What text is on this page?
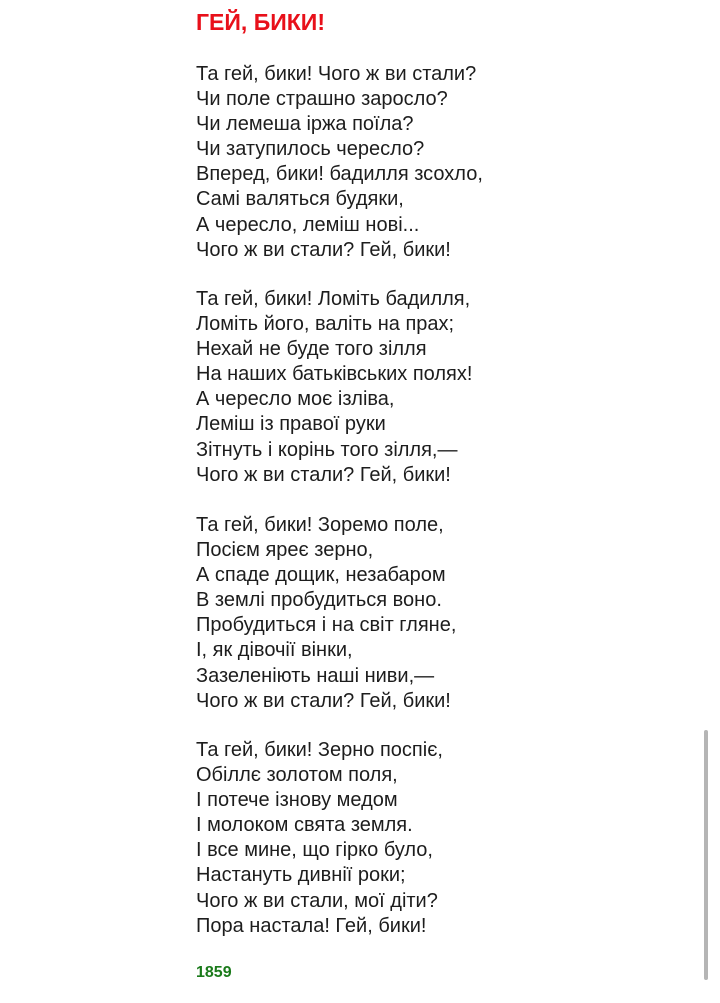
ГЕЙ, БИКИ!
Та гей, бики! Чого ж ви стали?
Чи поле страшно заросло?
Чи лемеша іржа поїла?
Чи затупилось чересло?
Вперед, бики! бадилля зсохло,
Самі валяться будяки,
А чересло, леміш нові...
Чого ж ви стали? Гей, бики!
Та гей, бики! Ломіть бадилля,
Ломіть його, валіть на прах;
Нехай не буде того зілля
На наших батьківських полях!
А чересло моє ізліва,
Леміш із правої руки
Зітнуть і корінь того зілля,—
Чого ж ви стали? Гей, бики!
Та гей, бики! Зоремо поле,
Посієм яреє зерно,
А спаде дощик, незабаром
В землі пробудиться воно.
Пробудиться і на світ гляне,
І, як дівочії вінки,
Зазеленіють наші ниви,—
Чого ж ви стали? Гей, бики!
Та гей, бики! Зерно поспіє,
Обіллє золотом поля,
І потече ізнову медом
І молоком свята земля.
І все мине, що гірко було,
Настануть дивнії роки;
Чого ж ви стали, мої діти?
Пора настала! Гей, бики!
1859
